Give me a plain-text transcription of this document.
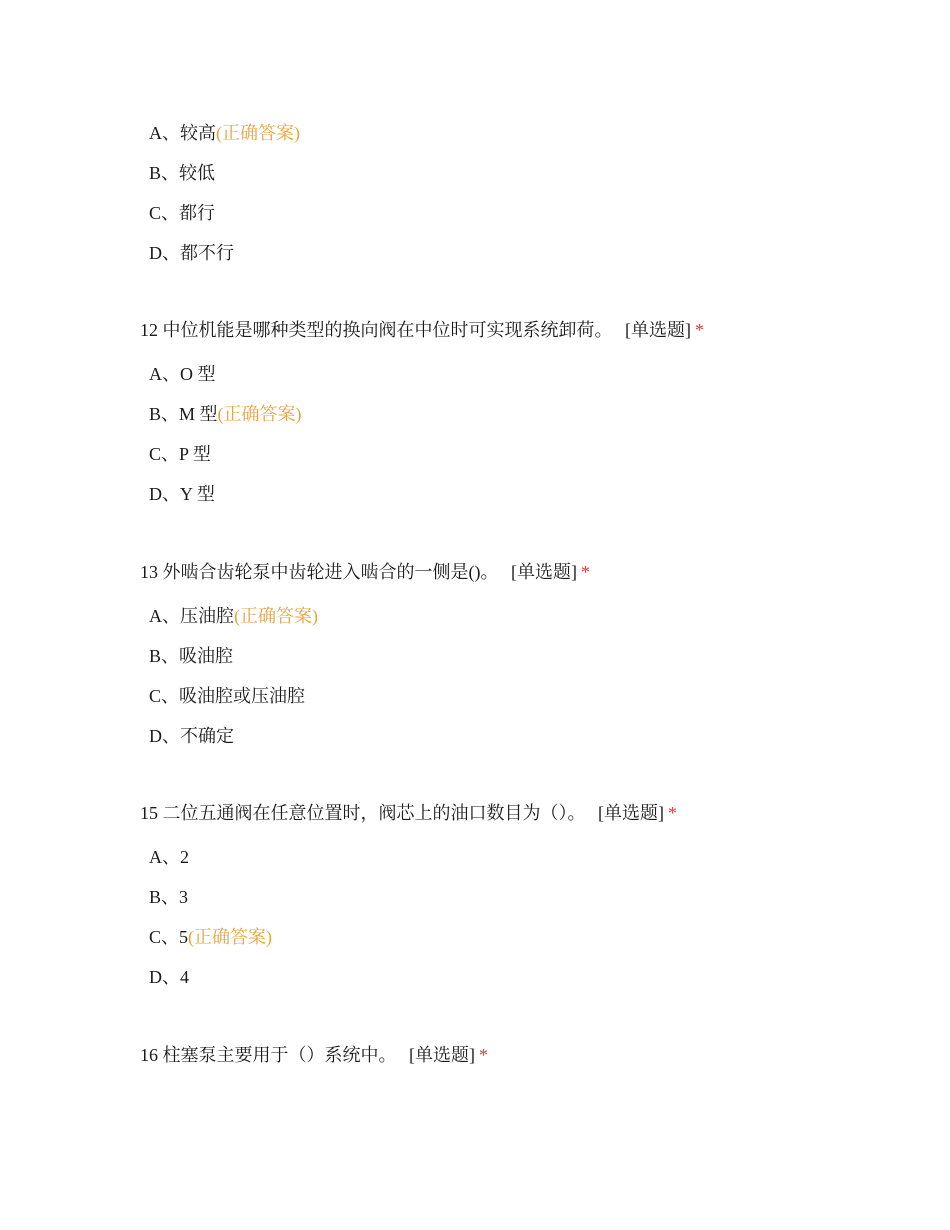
A、较高(正确答案)
B、较低
C、都行
D、都不行
12 中位机能是哪种类型的换向阀在中位时可实现系统卸荷。 [单选题] *
A、O 型
B、M 型(正确答案)
C、P 型
D、Y 型
13 外啮合齿轮泵中齿轮进入啮合的一侧是()。 [单选题] *
A、压油腔(正确答案)
B、吸油腔
C、吸油腔或压油腔
D、不确定
15 二位五通阀在任意位置时，阀芯上的油口数目为（）。 [单选题] *
A、2
B、3
C、5(正确答案)
D、4
16 柱塞泵主要用于（）系统中。 [单选题] *
